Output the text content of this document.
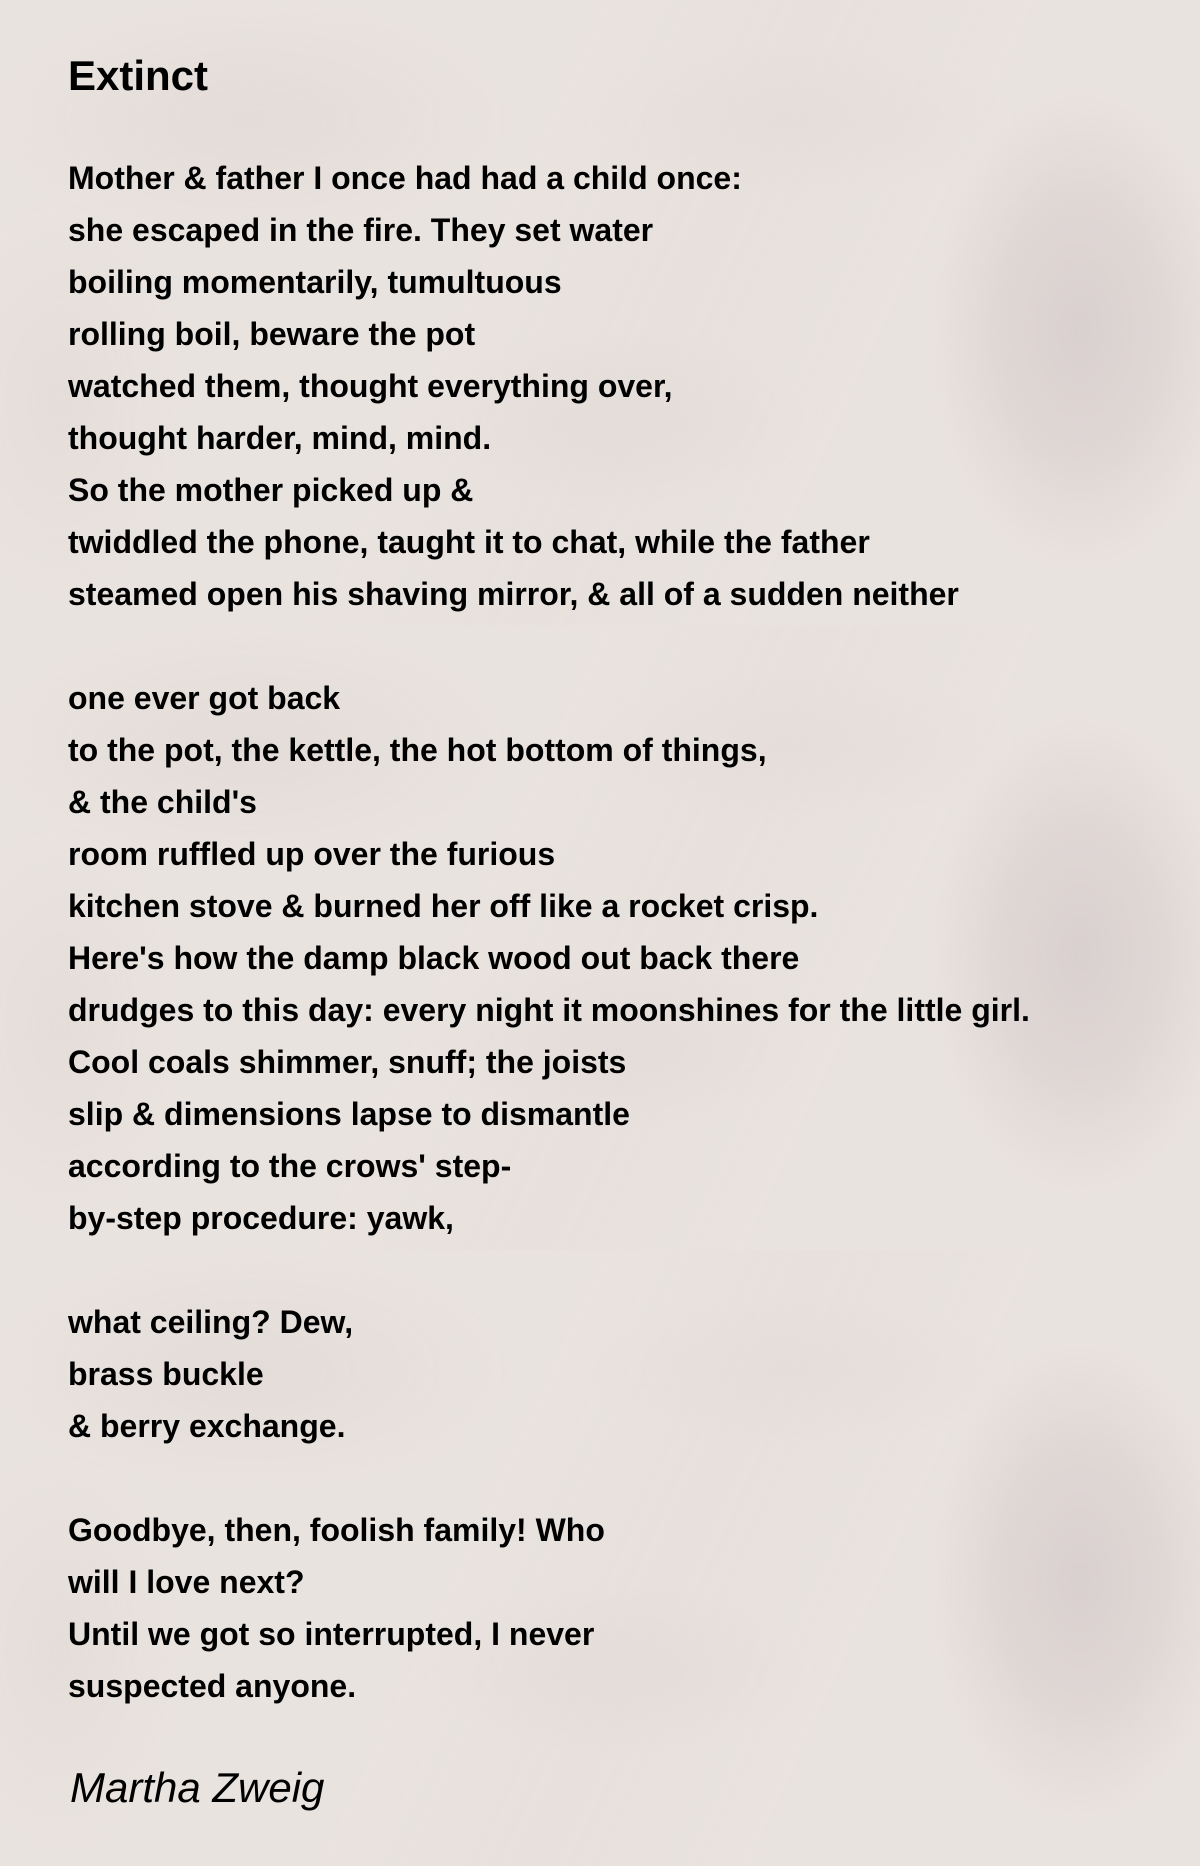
Extinct
Mother & father I once had had a child once:
she escaped in the fire. They set water
boiling momentarily, tumultuous
rolling boil, beware the pot
watched them, thought everything over,
thought harder, mind, mind.
So the mother picked up &
twiddled the phone, taught it to chat, while the father
steamed open his shaving mirror, & all of a sudden neither
one ever got back
to the pot, the kettle, the hot bottom of things,
& the child's
room ruffled up over the furious
kitchen stove & burned her off like a rocket crisp.
Here's how the damp black wood out back there
drudges to this day: every night it moonshines for the little girl.
Cool coals shimmer, snuff; the joists
slip & dimensions lapse to dismantle
according to the crows' step-
by-step procedure: yawk,
what ceiling? Dew,
brass buckle
& berry exchange.
Goodbye, then, foolish family! Who
will I love next?
Until we got so interrupted, I never
suspected anyone.

Martha Zweig
